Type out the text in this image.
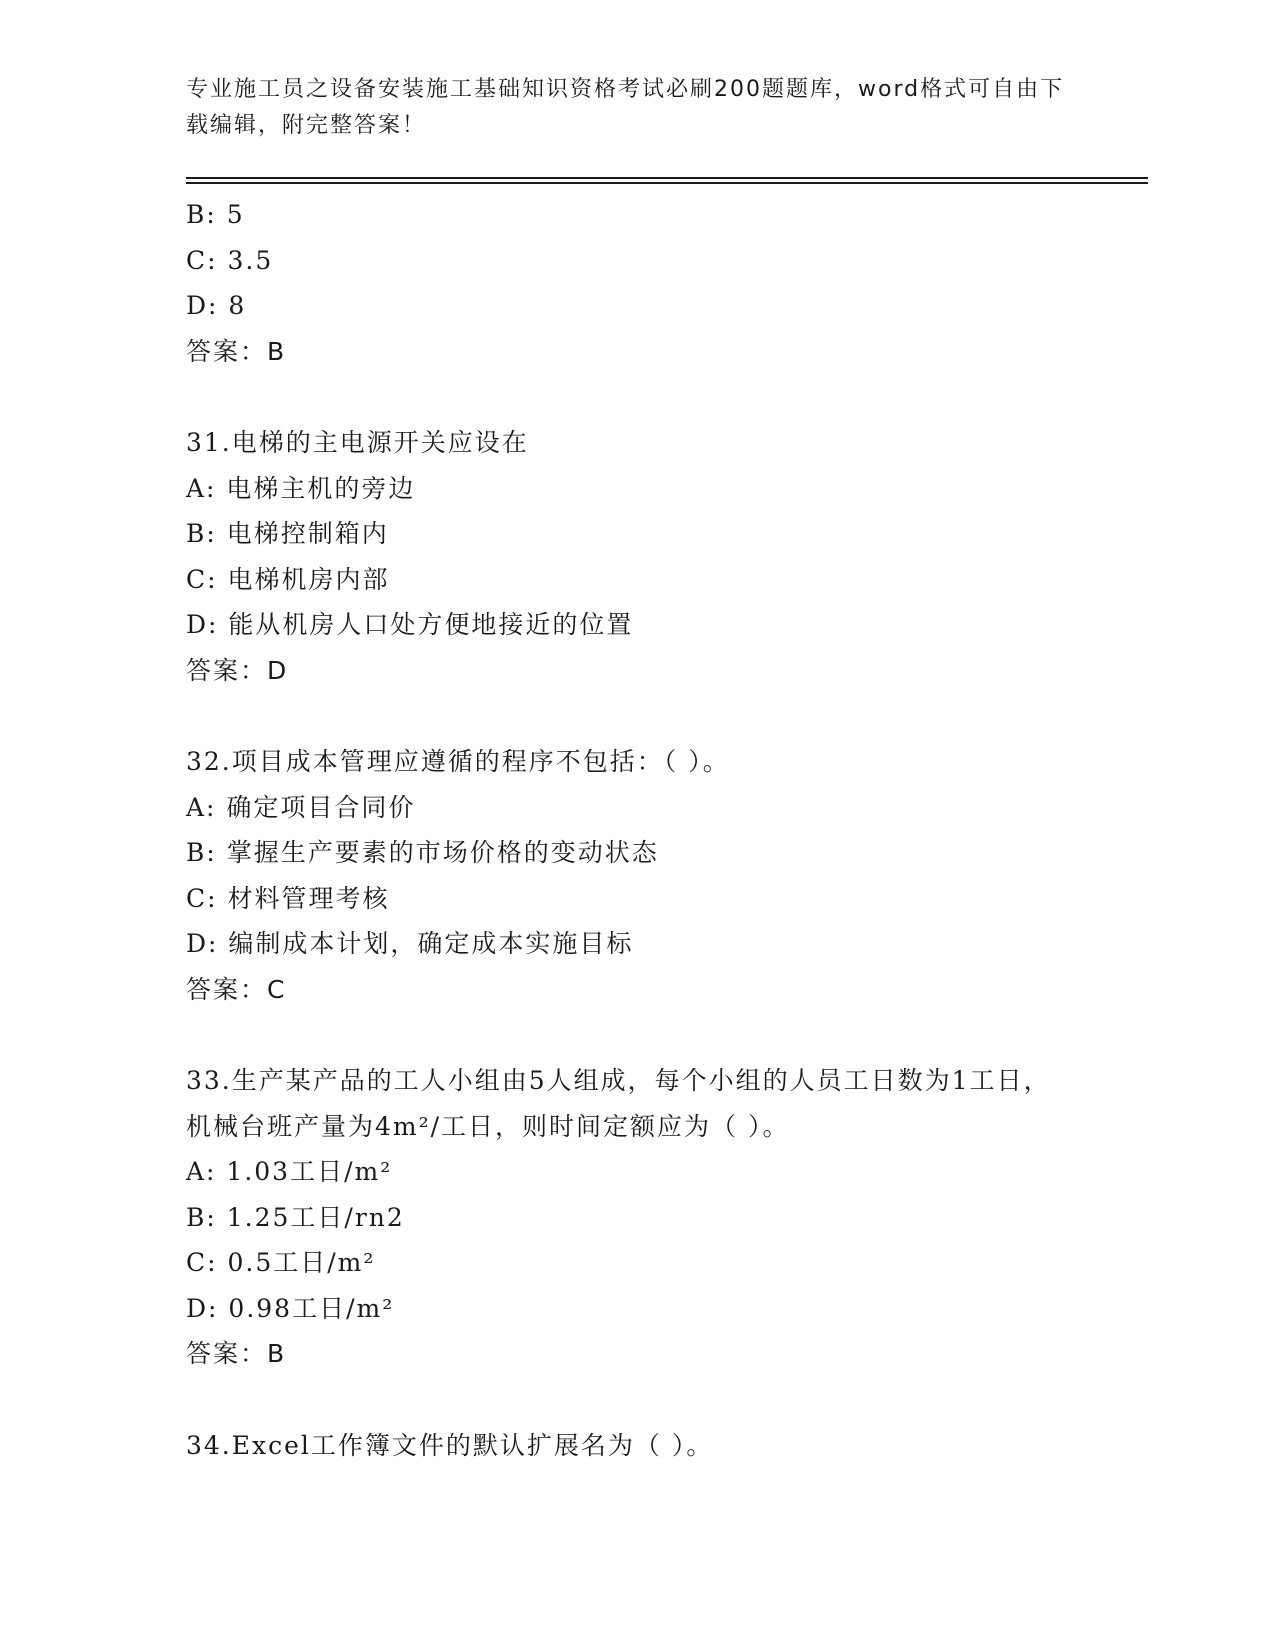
专业施工员之设备安装施工基础知识资格考试必刷200题题库，word格式可自由下载编辑，附完整答案！
B: 5
C: 3.5
D: 8
答案：B
31.电梯的主电源开关应设在
A: 电梯主机的旁边
B: 电梯控制箱内
C: 电梯机房内部
D: 能从机房人口处方便地接近的位置
答案：D
32.项目成本管理应遵循的程序不包括：（ ）。
A: 确定项目合同价
B: 掌握生产要素的市场价格的变动状态
C: 材料管理考核
D: 编制成本计划，确定成本实施目标
答案：C
33.生产某产品的工人小组由5人组成，每个小组的人员工日数为1工日，机械台班产量为4m²/工日，则时间定额应为（ ）。
A: 1.03工日/m²
B: 1.25工日/rn2
C: 0.5工日/m²
D: 0.98工日/m²
答案：B
34.Excel工作簿文件的默认扩展名为（ ）。
